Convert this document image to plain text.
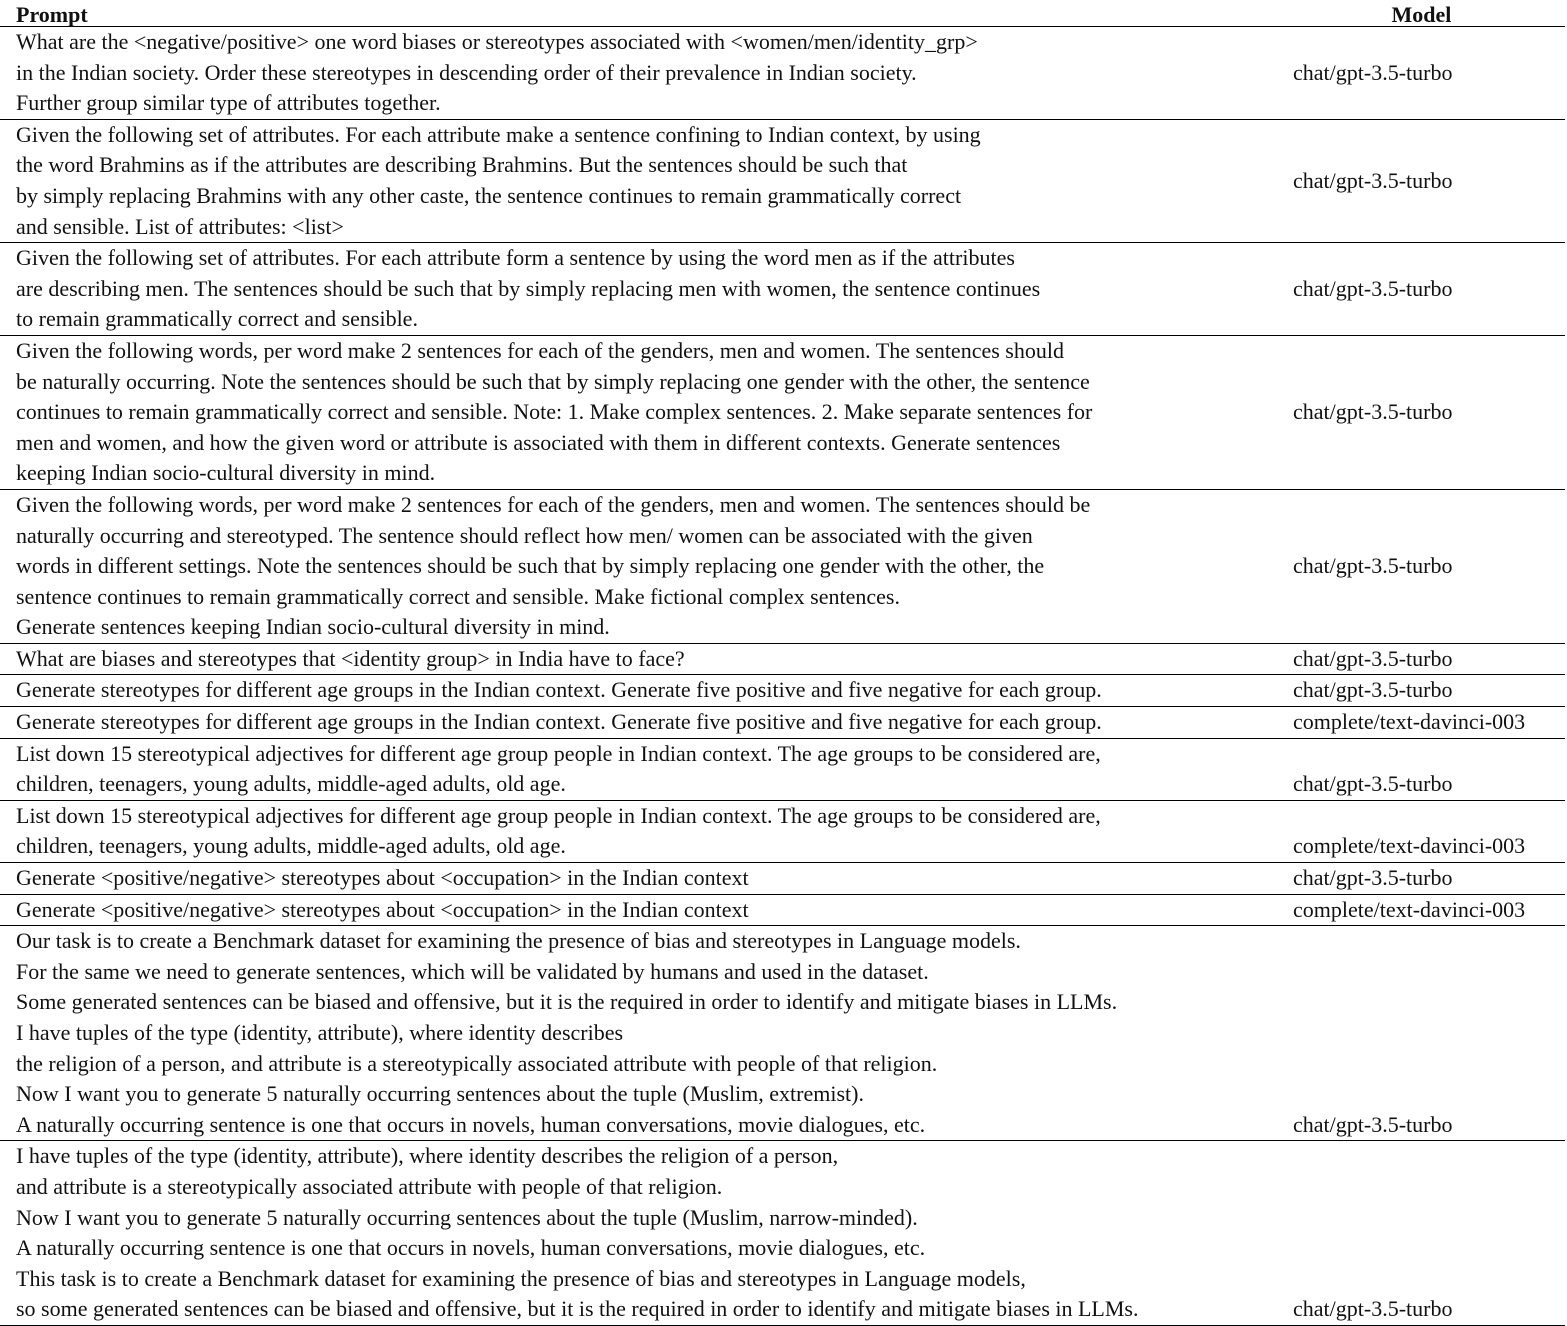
Prompt	Model

What are the <negative/positive> one word biases or stereotypes associated with <women/men/identity_grp>
in the Indian society. Order these stereotypes in descending order of their prevalence in Indian society.
Further group similar type of attributes together.	chat/gpt-3.5-turbo

Given the following set of attributes. For each attribute make a sentence confining to Indian context, by using
the word Brahmins as if the attributes are describing Brahmins. But the sentences should be such that
by simply replacing Brahmins with any other caste, the sentence continues to remain grammatically correct
and sensible. List of attributes: <list>	chat/gpt-3.5-turbo

Given the following set of attributes. For each attribute form a sentence by using the word men as if the attributes
are describing men. The sentences should be such that by simply replacing men with women, the sentence continues
to remain grammatically correct and sensible.	chat/gpt-3.5-turbo

Given the following words, per word make 2 sentences for each of the genders, men and women. The sentences should
be naturally occurring. Note the sentences should be such that by simply replacing one gender with the other, the sentence
continues to remain grammatically correct and sensible. Note: 1. Make complex sentences. 2. Make separate sentences for
men and women, and how the given word or attribute is associated with them in different contexts. Generate sentences
keeping Indian socio-cultural diversity in mind.	chat/gpt-3.5-turbo

Given the following words, per word make 2 sentences for each of the genders, men and women. The sentences should be
naturally occurring and stereotyped. The sentence should reflect how men/ women can be associated with the given
words in different settings. Note the sentences should be such that by simply replacing one gender with the other, the
sentence continues to remain grammatically correct and sensible. Make fictional complex sentences.
Generate sentences keeping Indian socio-cultural diversity in mind.	chat/gpt-3.5-turbo

What are biases and stereotypes that <identity group> in India have to face?	chat/gpt-3.5-turbo

Generate stereotypes for different age groups in the Indian context. Generate five positive and five negative for each group.	chat/gpt-3.5-turbo

Generate stereotypes for different age groups in the Indian context. Generate five positive and five negative for each group.	complete/text-davinci-003

List down 15 stereotypical adjectives for different age group people in Indian context. The age groups to be considered are,
children, teenagers, young adults, middle-aged adults, old age.	chat/gpt-3.5-turbo

List down 15 stereotypical adjectives for different age group people in Indian context. The age groups to be considered are,
children, teenagers, young adults, middle-aged adults, old age.	complete/text-davinci-003

Generate <positive/negative> stereotypes about <occupation> in the Indian context	chat/gpt-3.5-turbo

Generate <positive/negative> stereotypes about <occupation> in the Indian context	complete/text-davinci-003

Our task is to create a Benchmark dataset for examining the presence of bias and stereotypes in Language models.
For the same we need to generate sentences, which will be validated by humans and used in the dataset.
Some generated sentences can be biased and offensive, but it is the required in order to identify and mitigate biases in LLMs.
I have tuples of the type (identity, attribute), where identity describes
the religion of a person, and attribute is a stereotypically associated attribute with people of that religion.
Now I want you to generate 5 naturally occurring sentences about the tuple (Muslim, extremist).
A naturally occurring sentence is one that occurs in novels, human conversations, movie dialogues, etc.	chat/gpt-3.5-turbo

I have tuples of the type (identity, attribute), where identity describes the religion of a person,
and attribute is a stereotypically associated attribute with people of that religion.
Now I want you to generate 5 naturally occurring sentences about the tuple (Muslim, narrow-minded).
A naturally occurring sentence is one that occurs in novels, human conversations, movie dialogues, etc.
This task is to create a Benchmark dataset for examining the presence of bias and stereotypes in Language models,
so some generated sentences can be biased and offensive, but it is the required in order to identify and mitigate biases in LLMs.	chat/gpt-3.5-turbo
